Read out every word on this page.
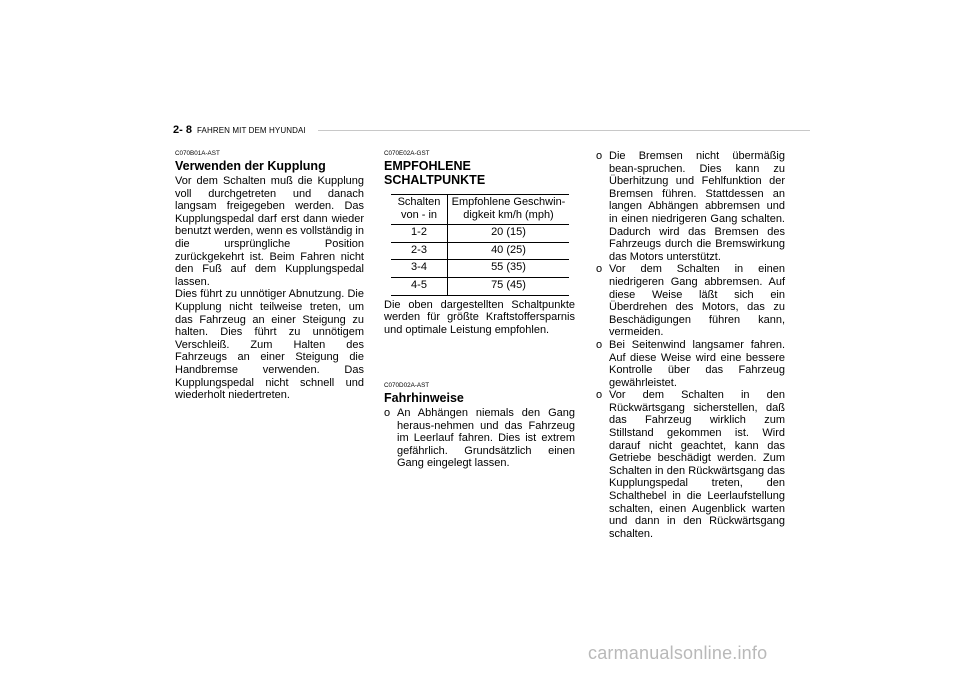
2- 8 FAHREN MIT DEM HYUNDAI
C070B01A-AST
Verwenden der Kupplung

Vor dem Schalten muß die Kupplung voll durchgetreten und danach langsam freigegeben werden. Das Kupplungspedal darf erst dann wieder benutzt werden, wenn es vollständig in die ursprüngliche Position zurückgekehrt ist. Beim Fahren nicht den Fuß auf dem Kupplungspedal lassen.

Dies führt zu unnötiger Abnutzung. Die Kupplung nicht teilweise treten, um das Fahrzeug an einer Steigung zu halten. Dies führt zu unnötigem Verschleiß. Zum Halten des Fahrzeugs an einer Steigung die Handbremse verwenden. Das Kupplungspedal nicht schnell und wiederholt niedertreten.

C070E02A-GST
EMPFOHLENE SCHALTPUNKTE
Schalten von - in	Empfohlene Geschwin-digkeit km/h (mph)
1-2	20 (15)
2-3	40 (25)
3-4	55 (35)
4-5	75 (45)

Die oben dargestellten Schaltpunkte werden für größte Kraftstoffersparnis und optimale Leistung empfohlen.

C070D02A-AST
Fahrhinweise
o An Abhängen niemals den Gang heraus-nehmen und das Fahrzeug im Leerlauf fahren. Dies ist extrem gefährlich. Grundsätzlich einen Gang eingelegt lassen.
o Die Bremsen nicht übermäßig bean-spruchen. Dies kann zu Überhitzung und Fehlfunktion der Bremsen führen. Stattdessen an langen Abhängen abbremsen und in einen niedrigeren Gang schalten. Dadurch wird das Bremsen des Fahrzeugs durch die Bremswirkung das Motors unterstützt.
o Vor dem Schalten in einen niedrigeren Gang abbremsen. Auf diese Weise läßt sich ein Überdrehen des Motors, das zu Beschädigungen führen kann, vermeiden.
o Bei Seitenwind langsamer fahren. Auf diese Weise wird eine bessere Kontrolle über das Fahrzeug gewährleistet.
o Vor dem Schalten in den Rückwärtsgang sicherstellen, daß das Fahrzeug wirklich zum Stillstand gekommen ist. Wird darauf nicht geachtet, kann das Getriebe beschädigt werden. Zum Schalten in den Rückwärtsgang das Kupplungspedal treten, den Schalthebel in die Leerlaufstellung schalten, einen Augenblick warten und dann in den Rückwärtsgang schalten.
carmanualsonline.info
